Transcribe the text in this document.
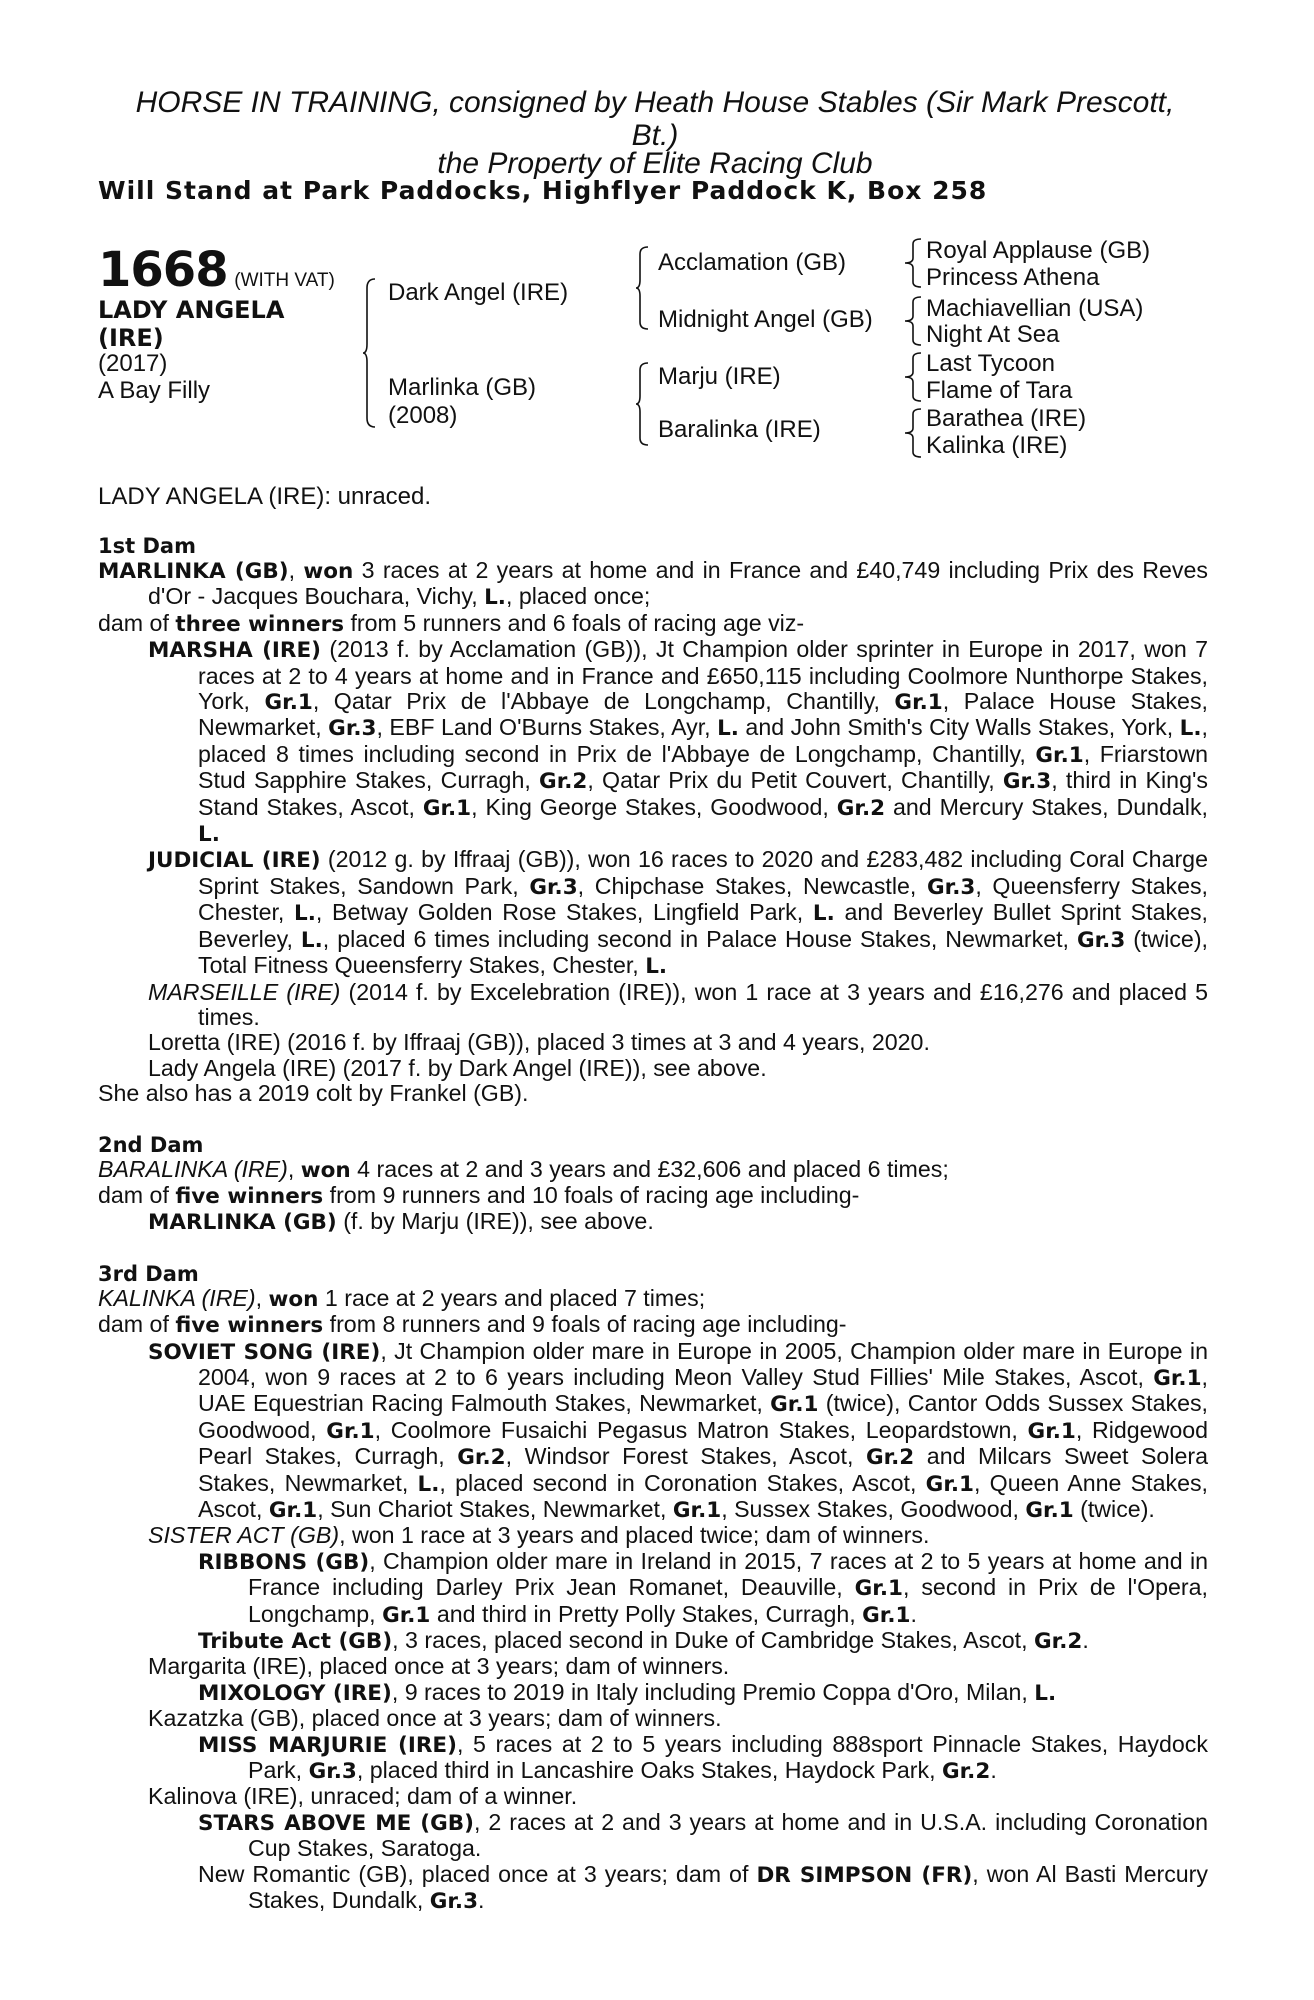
HORSE IN TRAINING, consigned by Heath House Stables (Sir Mark Prescott,
Bt.)
the Property of Elite Racing Club
Will Stand at Park Paddocks, Highflyer Paddock K, Box 258
1668 (WITH VAT)
LADY ANGELA
(IRE)
(2017)
A Bay Filly
Dark Angel (IRE)
Marlinka (GB)
(2008)
Acclamation (GB)
Midnight Angel (GB)
Marju (IRE)
Baralinka (IRE)
Royal Applause (GB)
Princess Athena
Machiavellian (USA)
Night At Sea
Last Tycoon
Flame of Tara
Barathea (IRE)
Kalinka (IRE)
LADY ANGELA (IRE): unraced.
1st Dam
MARLINKA (GB), won 3 races at 2 years at home and in France and £40,749 including Prix des Reves d'Or - Jacques Bouchara, Vichy, L., placed once;
dam of three winners from 5 runners and 6 foals of racing age viz-
MARSHA (IRE) (2013 f. by Acclamation (GB)), Jt Champion older sprinter in Europe in 2017, won 7 races at 2 to 4 years at home and in France and £650,115 including Coolmore Nunthorpe Stakes, York, Gr.1, Qatar Prix de l'Abbaye de Longchamp, Chantilly, Gr.1, Palace House Stakes, Newmarket, Gr.3, EBF Land O'Burns Stakes, Ayr, L. and John Smith's City Walls Stakes, York, L., placed 8 times including second in Prix de l'Abbaye de Longchamp, Chantilly, Gr.1, Friarstown Stud Sapphire Stakes, Curragh, Gr.2, Qatar Prix du Petit Couvert, Chantilly, Gr.3, third in King's Stand Stakes, Ascot, Gr.1, King George Stakes, Goodwood, Gr.2 and Mercury Stakes, Dundalk, L.
JUDICIAL (IRE) (2012 g. by Iffraaj (GB)), won 16 races to 2020 and £283,482 including Coral Charge Sprint Stakes, Sandown Park, Gr.3, Chipchase Stakes, Newcastle, Gr.3, Queensferry Stakes, Chester, L., Betway Golden Rose Stakes, Lingfield Park, L. and Beverley Bullet Sprint Stakes, Beverley, L., placed 6 times including second in Palace House Stakes, Newmarket, Gr.3 (twice), Total Fitness Queensferry Stakes, Chester, L.
MARSEILLE (IRE) (2014 f. by Excelebration (IRE)), won 1 race at 3 years and £16,276 and placed 5 times.
Loretta (IRE) (2016 f. by Iffraaj (GB)), placed 3 times at 3 and 4 years, 2020.
Lady Angela (IRE) (2017 f. by Dark Angel (IRE)), see above.
She also has a 2019 colt by Frankel (GB).
2nd Dam
BARALINKA (IRE), won 4 races at 2 and 3 years and £32,606 and placed 6 times;
dam of five winners from 9 runners and 10 foals of racing age including-
MARLINKA (GB) (f. by Marju (IRE)), see above.
3rd Dam
KALINKA (IRE), won 1 race at 2 years and placed 7 times;
dam of five winners from 8 runners and 9 foals of racing age including-
SOVIET SONG (IRE), Jt Champion older mare in Europe in 2005, Champion older mare in Europe in 2004, won 9 races at 2 to 6 years including Meon Valley Stud Fillies' Mile Stakes, Ascot, Gr.1, UAE Equestrian Racing Falmouth Stakes, Newmarket, Gr.1 (twice), Cantor Odds Sussex Stakes, Goodwood, Gr.1, Coolmore Fusaichi Pegasus Matron Stakes, Leopardstown, Gr.1, Ridgewood Pearl Stakes, Curragh, Gr.2, Windsor Forest Stakes, Ascot, Gr.2 and Milcars Sweet Solera Stakes, Newmarket, L., placed second in Coronation Stakes, Ascot, Gr.1, Queen Anne Stakes, Ascot, Gr.1, Sun Chariot Stakes, Newmarket, Gr.1, Sussex Stakes, Goodwood, Gr.1 (twice).
SISTER ACT (GB), won 1 race at 3 years and placed twice; dam of winners.
RIBBONS (GB), Champion older mare in Ireland in 2015, 7 races at 2 to 5 years at home and in France including Darley Prix Jean Romanet, Deauville, Gr.1, second in Prix de l'Opera, Longchamp, Gr.1 and third in Pretty Polly Stakes, Curragh, Gr.1.
Tribute Act (GB), 3 races, placed second in Duke of Cambridge Stakes, Ascot, Gr.2.
Margarita (IRE), placed once at 3 years; dam of winners.
MIXOLOGY (IRE), 9 races to 2019 in Italy including Premio Coppa d'Oro, Milan, L.
Kazatzka (GB), placed once at 3 years; dam of winners.
MISS MARJURIE (IRE), 5 races at 2 to 5 years including 888sport Pinnacle Stakes, Haydock Park, Gr.3, placed third in Lancashire Oaks Stakes, Haydock Park, Gr.2.
Kalinova (IRE), unraced; dam of a winner.
STARS ABOVE ME (GB), 2 races at 2 and 3 years at home and in U.S.A. including Coronation Cup Stakes, Saratoga.
New Romantic (GB), placed once at 3 years; dam of DR SIMPSON (FR), won Al Basti Mercury Stakes, Dundalk, Gr.3.
